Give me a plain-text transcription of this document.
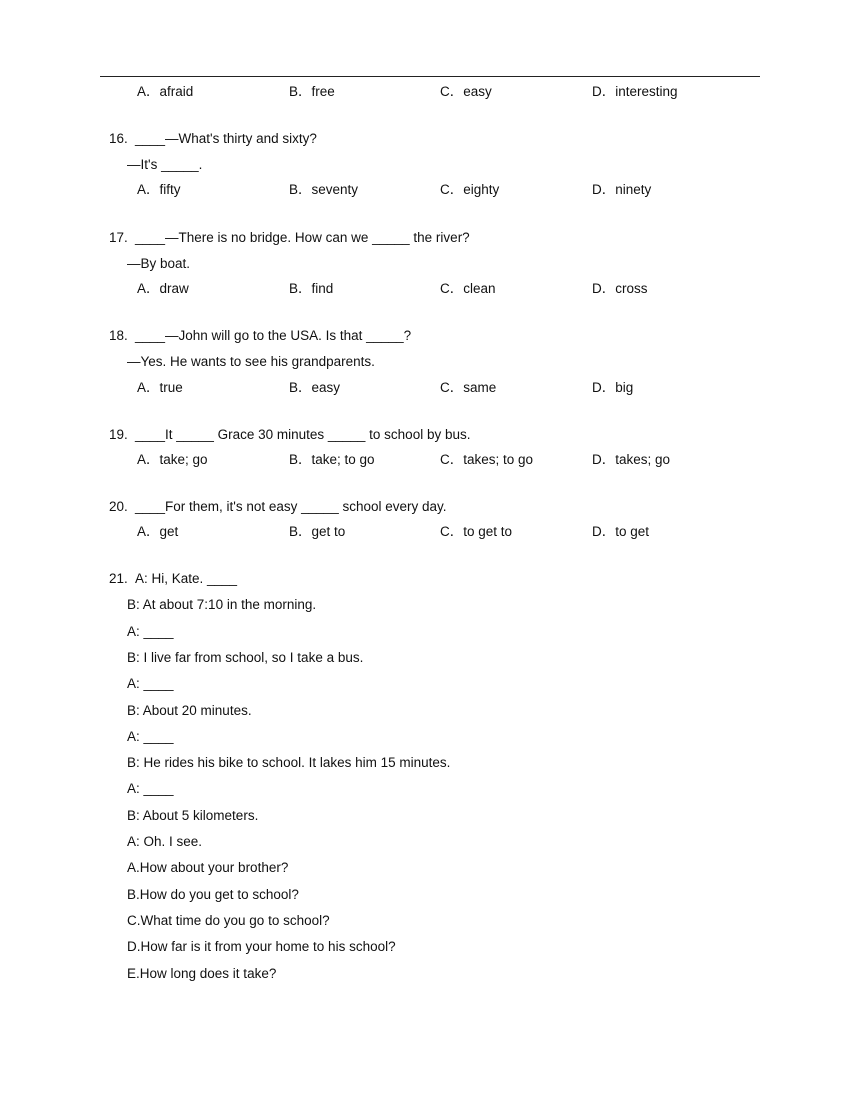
A．afraid	B．free	C．easy	D．interesting
16. ____—What's thirty and sixty?
—It's _____.
A．fifty	B．seventy	C．eighty	D．ninety
17. ____—There is no bridge. How can we _____ the river?
—By boat.
A．draw	B．find	C．clean	D．cross
18. ____—John will go to the USA. Is that _____?
—Yes. He wants to see his grandparents.
A．true	B．easy	C．same	D．big
19. ____It _____ Grace 30 minutes _____ to school by bus.
A．take; go	B．take; to go	C．takes; to go	D．takes; go
20. ____For them, it's not easy _____ school every day.
A．get	B．get to	C．to get to	D．to get
21. A: Hi, Kate. ____
B: At about 7:10 in the morning.
A: ____
B: I live far from school, so I take a bus.
A: ____
B: About 20 minutes.
A: ____
B: He rides his bike to school. It lakes him 15 minutes.
A: ____
B: About 5 kilometers.
A: Oh. I see.
A.How about your brother?
B.How do you get to school?
C.What time do you go to school?
D.How far is it from your home to his school?
E.How long does it take?
